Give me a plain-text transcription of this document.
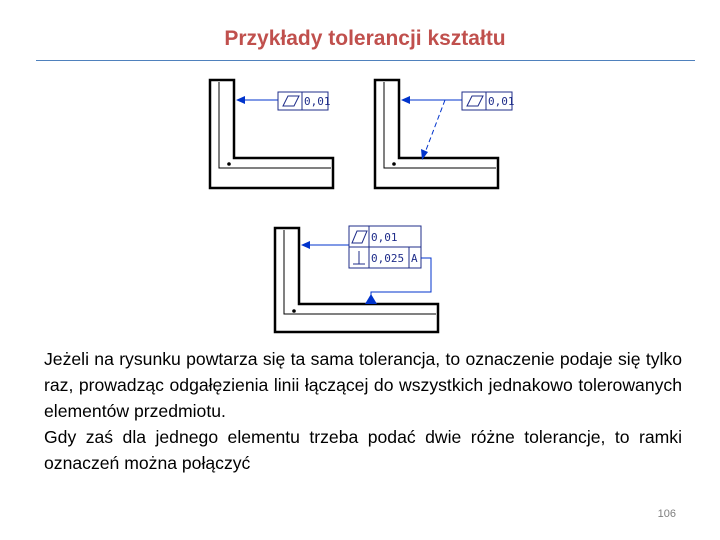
Przykłady tolerancji kształtu
0,01	0,01
0,01
0,025 A

Jeżeli na rysunku powtarza się ta sama tolerancja, to oznaczenie podaje się tylko raz, prowadząc odgałęzienia linii łączącej do wszystkich jednakowo tolerowanych elementów przedmiotu.

Gdy zaś dla jednego elementu trzeba podać dwie różne tolerancje, to ramki oznaczeń można połączyć

106
